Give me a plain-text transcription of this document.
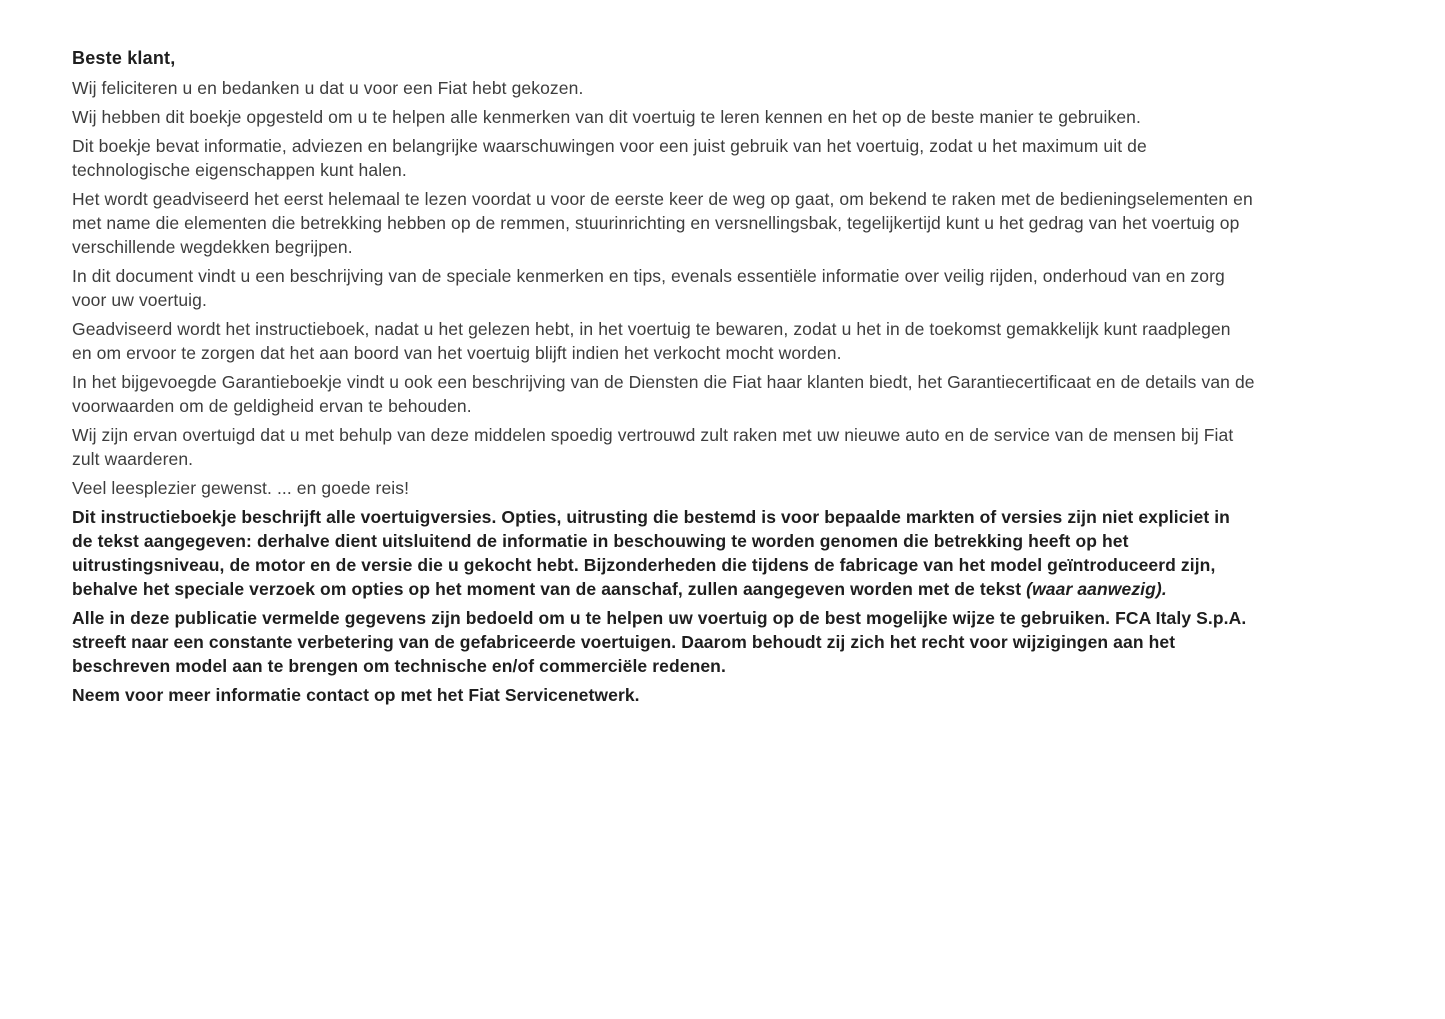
Beste klant,

Wij feliciteren u en bedanken u dat u voor een Fiat hebt gekozen.

Wij hebben dit boekje opgesteld om u te helpen alle kenmerken van dit voertuig te leren kennen en het op de beste manier te gebruiken.

Dit boekje bevat informatie, adviezen en belangrijke waarschuwingen voor een juist gebruik van het voertuig, zodat u het maximum uit de technologische eigenschappen kunt halen.

Het wordt geadviseerd het eerst helemaal te lezen voordat u voor de eerste keer de weg op gaat, om bekend te raken met de bedieningselementen en met name die elementen die betrekking hebben op de remmen, stuurinrichting en versnellingsbak, tegelijkertijd kunt u het gedrag van het voertuig op verschillende wegdekken begrijpen.

In dit document vindt u een beschrijving van de speciale kenmerken en tips, evenals essentiële informatie over veilig rijden, onderhoud van en zorg voor uw voertuig.

Geadviseerd wordt het instructieboek, nadat u het gelezen hebt, in het voertuig te bewaren, zodat u het in de toekomst gemakkelijk kunt raadplegen en om ervoor te zorgen dat het aan boord van het voertuig blijft indien het verkocht mocht worden.

In het bijgevoegde Garantieboekje vindt u ook een beschrijving van de Diensten die Fiat haar klanten biedt, het Garantiecertificaat en de details van de voorwaarden om de geldigheid ervan te behouden.

Wij zijn ervan overtuigd dat u met behulp van deze middelen spoedig vertrouwd zult raken met uw nieuwe auto en de service van de mensen bij Fiat zult waarderen.

Veel leesplezier gewenst. ... en goede reis!

Dit instructieboekje beschrijft alle voertuigversies. Opties, uitrusting die bestemd is voor bepaalde markten of versies zijn niet expliciet in de tekst aangegeven: derhalve dient uitsluitend de informatie in beschouwing te worden genomen die betrekking heeft op het uitrustingsniveau, de motor en de versie die u gekocht hebt. Bijzonderheden die tijdens de fabricage van het model geïntroduceerd zijn, behalve het speciale verzoek om opties op het moment van de aanschaf, zullen aangegeven worden met de tekst (waar aanwezig).

Alle in deze publicatie vermelde gegevens zijn bedoeld om u te helpen uw voertuig op de best mogelijke wijze te gebruiken. FCA Italy S.p.A. streeft naar een constante verbetering van de gefabriceerde voertuigen. Daarom behoudt zij zich het recht voor wijzigingen aan het beschreven model aan te brengen om technische en/of commerciële redenen.

Neem voor meer informatie contact op met het Fiat Servicenetwerk.
